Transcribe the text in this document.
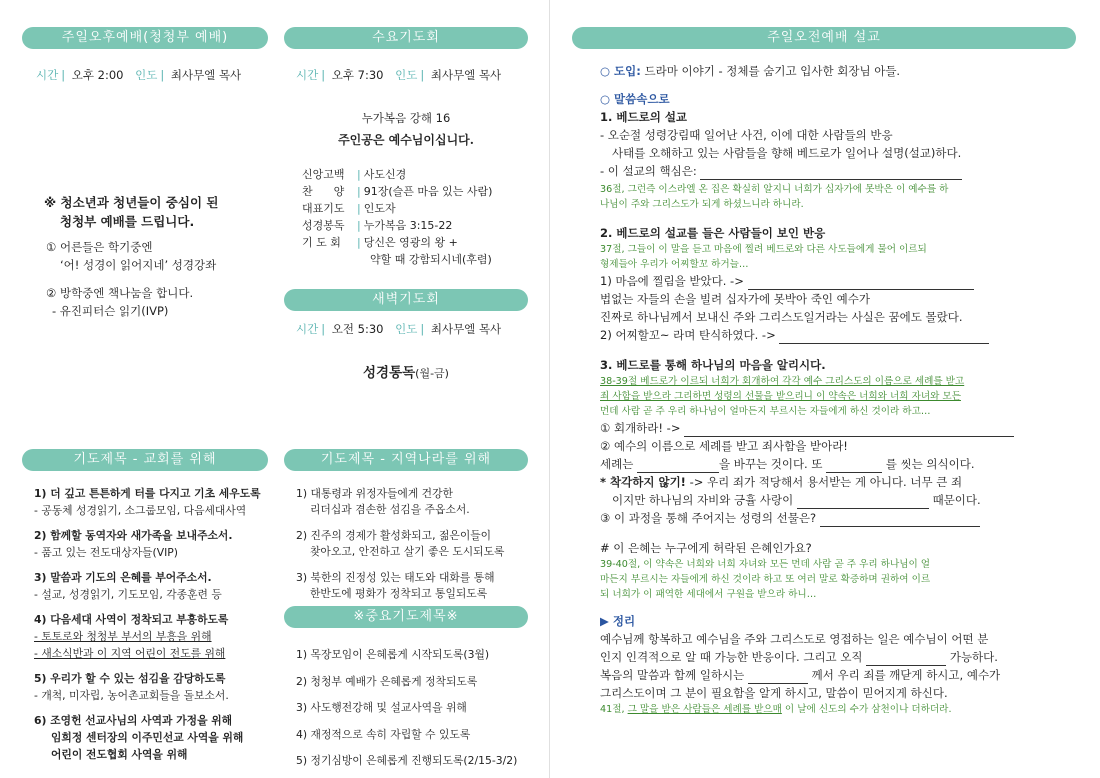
주일오후예배(청청부 예배)
시간 | 오후 2:00 인도 | 최사무엘 목사
※ 청소년과 청년들이 중심이 된
청청부 예배를 드립니다.
① 어른들은 학기중엔
‘어! 성경이 읽어지네’ 성경강좌
② 방학중엔 책나눔을 합니다.
- 유진피터슨 읽기(IVP)
수요기도회
시간 | 오후 7:30 인도 | 최사무엘 목사
누가복음 강해 16
주인공은 예수님이십니다.
신앙고백 | 사도신경
찬      양 | 91장(슬픈 마음 있는 사람)
대표기도 | 인도자
성경봉독 | 누가복음 3:15-22
기 도 회 | 당신은 영광의 왕 +
약할 때 강함되시네(후렴)
새벽기도회
시간 | 오전 5:30 인도 | 최사무엘 목사
성경통독(월-금)
기도제목 - 교회를 위해
1) 더 깊고 튼튼하게 터를 다지고 기초 세우도록
- 공동체 성경읽기, 소그룹모임, 다음세대사역
2) 함께할 동역자와 새가족을 보내주소서.
- 품고 있는 전도대상자들(VIP)
3) 말씀과 기도의 은혜를 부어주소서.
- 설교, 성경읽기, 기도모임, 각종훈련 등
4) 다음세대 사역이 정착되고 부흥하도록
- 토토로와 청청부 부서의 부흥을 위해
- 새소식반과 이 지역 어린이 전도를 위해
5) 우리가 할 수 있는 섬김을 감당하도록
- 개척, 미자립, 농어촌교회들을 돌보소서.
6) 조영헌 선교사님의 사역과 가정을 위해
임희정 센터장의 이주민선교 사역을 위해
어린이 전도협회 사역을 위해
기도제목 - 지역나라를 위해
1) 대통령과 위정자들에게 건강한
리더십과 겸손한 섬김을 주옵소서.
2) 진주의 경제가 활성화되고, 젊은이들이
찾아오고, 안전하고 살기 좋은 도시되도록
3) 북한의 진정성 있는 태도와 대화를 통해
한반도에 평화가 정착되고 통일되도록
※중요기도제목※
1) 목장모임이 은혜롭게 시작되도록(3월)
2) 청청부 예배가 은혜롭게 정착되도록
3) 사도행전강해 및 설교사역을 위해
4) 재정적으로 속히 자립할 수 있도록
5) 정기심방이 은혜롭게 진행되도록(2/15-3/2)
주일오전예배 설교
○ 도입: 드라마 이야기 - 정체를 숨기고 입사한 회장님 아들.
○ 말씀속으로
1. 베드로의 설교
- 오순절 성령강림때 일어난 사건, 이에 대한 사람들의 반응
사태를 오해하고 있는 사람들을 향해 베드로가 일어나 설명(설교)하다.
- 이 설교의 핵심은:
36절, 그런즉 이스라엘 온 집은 확실히 알지니 너희가 십자가에 못박은 이 예수를 하
나님이 주와 그리스도가 되게 하셨느니라 하니라.
2. 베드로의 설교를 들은 사람들이 보인 반응
37절, 그들이 이 말을 듣고 마음에 찔려 베드로와 다른 사도들에게 물어 이르되
형제들아 우리가 어찌할꼬 하거늘…
1) 마음에 찔림을 받았다. ->
법없는 자들의 손을 빌려 십자가에 못박아 죽인 예수가
진짜로 하나님께서 보내신 주와 그리스도일거라는 사실은 꿈에도 몰랐다.
2) 어찌할꼬~ 라며 탄식하였다. ->
3. 베드로를 통해 하나님의 마음을 알리시다.
38-39절 베드로가 이르되 너희가 회개하여 각각 예수 그리스도의 이름으로 세례를 받고
죄 사함을 받으라 그리하면 성령의 선물을 받으리니 이 약속은 너희와 너희 자녀와 모든
먼데 사람 곧 주 우리 하나님이 얼마든지 부르시는 자들에게 하신 것이라 하고…
① 회개하라! ->
② 예수의 이름으로 세례를 받고 죄사함을 받아라!
세례는	을 바꾸는 것이다. 또	를 씻는 의식이다.
* 착각하지 않기! -> 우리 죄가 적당해서 용서받는 게 아니다. 너무 큰 죄
이지만 하나님의 자비와 긍휼 사랑이	때문이다.
③ 이 과정을 통해 주어지는 성령의 선물은?
# 이 은혜는 누구에게 허락된 은혜인가요?
39-40절, 이 약속은 너희와 너희 자녀와 모든 먼데 사람 곧 주 우리 하나님이 얼
마든지 부르시는 자들에게 하신 것이라 하고 또 여러 말로 확증하며 권하여 이르
되 너희가 이 패역한 세대에서 구원을 받으라 하니…
▶ 정리
예수님께 항복하고 예수님을 주와 그리스도로 영접하는 일은 예수님이 어떤 분
인지 인격적으로 알 때 가능한 반응이다. 그리고 오직	가능하다.
복음의 말씀과 함께 일하시는	께서 우리 죄를 깨닫게 하시고, 예수가
그리스도이며 그 분이 필요함을 알게 하시고, 말씀이 믿어지게 하신다.
41절, 그 말을 받은 사람들은 세례를 받으매 이 날에 신도의 수가 삼천이나 더하더라.
